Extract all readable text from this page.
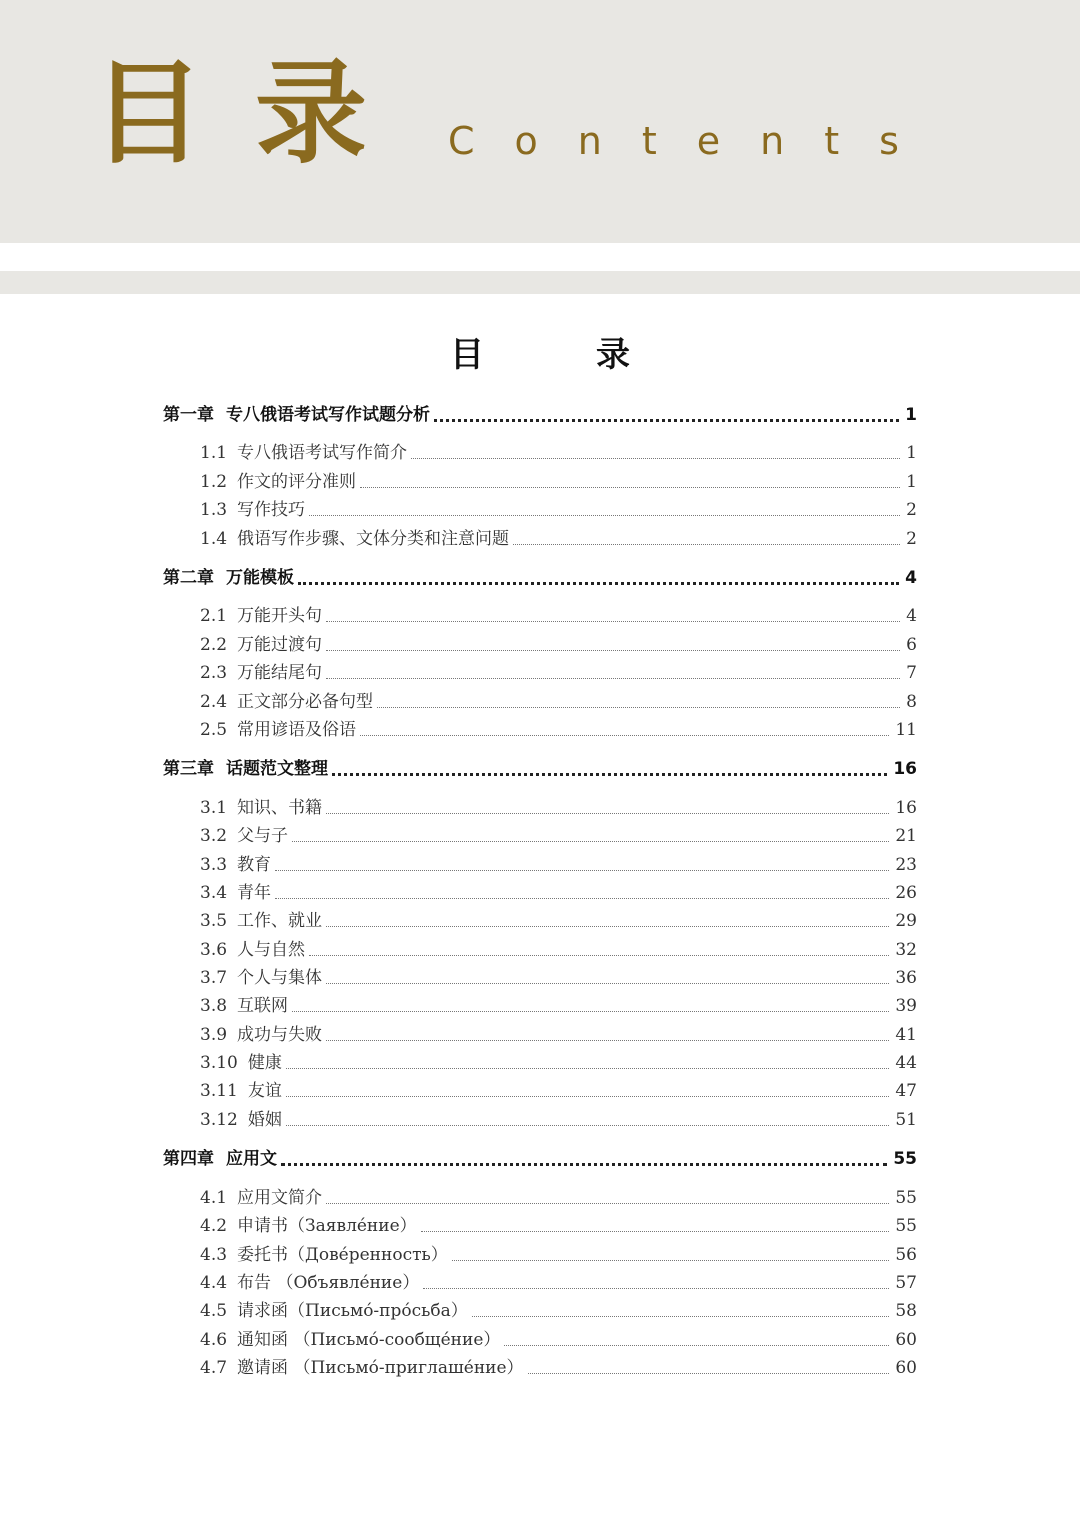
目 录 Contents
目	录
第一章 专八俄语考试写作试题分析	1
1.1 专八俄语考试写作简介	1
1.2 作文的评分准则	1
1.3 写作技巧	2
1.4 俄语写作步骤、文体分类和注意问题	2
第二章 万能模板	4
2.1 万能开头句	4
2.2 万能过渡句	6
2.3 万能结尾句	7
2.4 正文部分必备句型	8
2.5 常用谚语及俗语	11
第三章 话题范文整理	16
3.1 知识、书籍	16
3.2 父与子	21
3.3 教育	23
3.4 青年	26
3.5 工作、就业	29
3.6 人与自然	32
3.7 个人与集体	36
3.8 互联网	39
3.9 成功与失败	41
3.10 健康	44
3.11 友谊	47
3.12 婚姻	51
第四章 应用文	55
4.1 应用文简介	55
4.2 申请书（Заявле́ние）	55
4.3 委托书（Дове́ренность）	56
4.4 布告 （Объявле́ние）	57
4.5 请求函（Письмо́-про́сьба）	58
4.6 通知函 （Письмо́-сообще́ние）	60
4.7 邀请函 （Письмо́-приглаше́ние）	60
